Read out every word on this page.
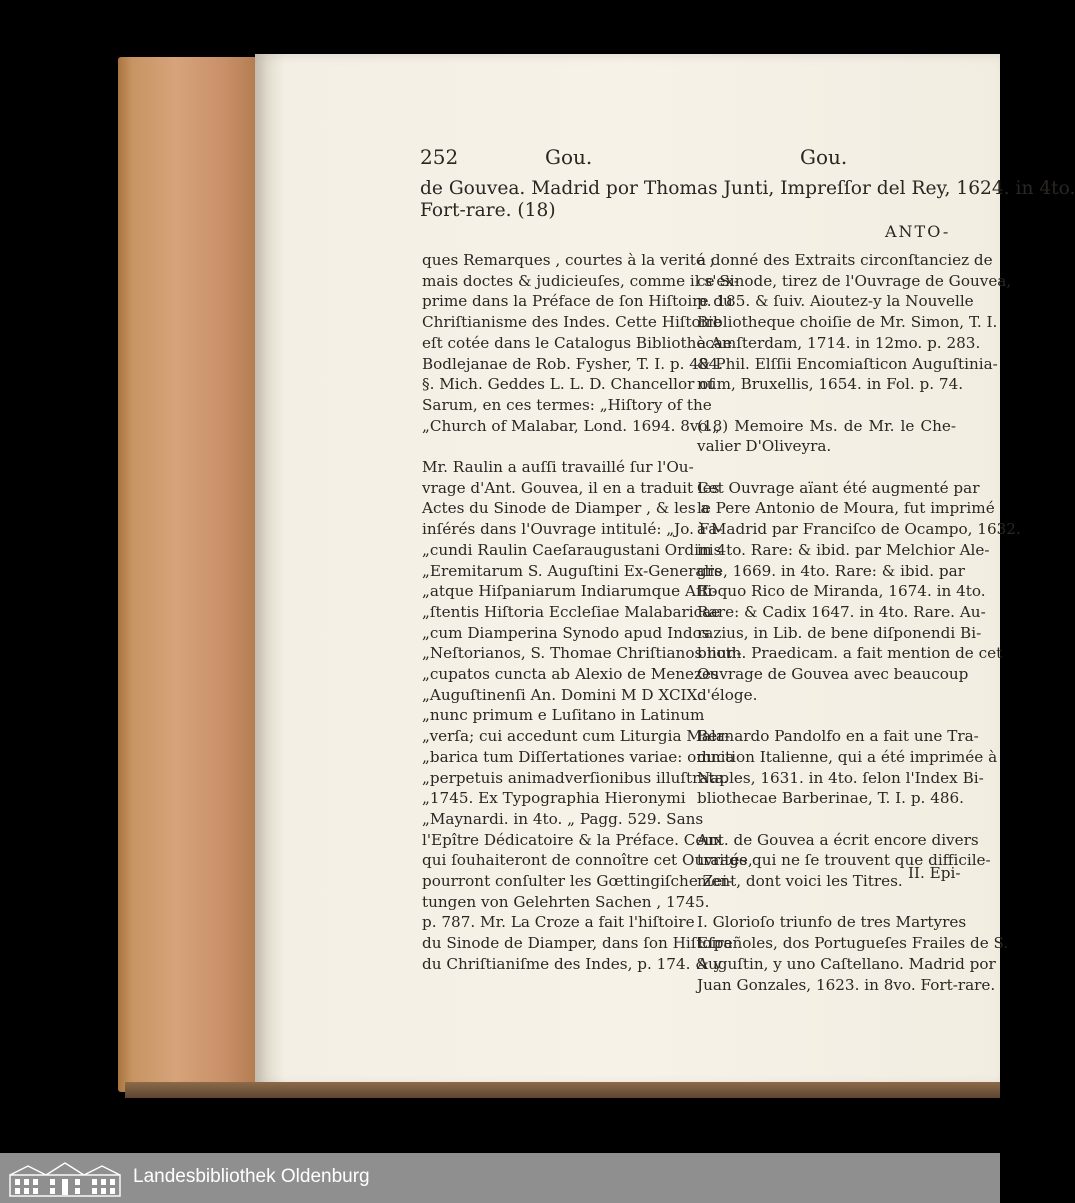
252	Gou.	Gou.
de Gouvea. Madrid por Thomas Junti, Impreſſor del Rey, 1624. in 4to.
Fort-rare. (18)
ANTO-
ques Remarques , courtes à la verité ;
mais doctes & judicieuſes, comme il s'ex-
prime dans la Préface de ſon Hiſtoire du
Chriſtianisme des Indes. Cette Hiſtoire
eſt cotée dans le Catalogus Bibliothecae
Bodlejanae de Rob. Fysher, T. I. p. 484.
§. Mich. Geddes L. L. D. Chancellor of
Sarum, en ces termes: „Hiſtory of the
„Church of Malabar, Lond. 1694. 8vo.„
Mr. Raulin a auſſi travaillé ſur l'Ou-
vrage d'Ant. Gouvea, il en a traduit les
Actes du Sinode de Diamper , & les a
inſérés dans l'Ouvrage intitulé: „Jo. Fa-
„cundi Raulin Caeſaraugustani Ordinis
„Eremitarum S. Auguſtini Ex-Generalis
„atque Hiſpaniarum Indiarumque Aſſi-
„ſtentis Hiſtoria Eccleſiae Malabaricae
„cum Diamperina Synodo apud Indos
„Neſtorianos, S. Thomae Chriſtianos nun-
„cupatos cuncta ab Alexio de Menezes
„Auguſtinenſi An. Domini M D XCIX.
„nunc primum e Luſitano in Latinum
„verſa; cui accedunt cum Liturgia Mala-
„barica tum Diſſertationes variae: omnia
„perpetuis animadverſionibus illuſtrata.
„1745. Ex Typographia Hieronymi
„Maynardi. in 4to. „ Pagg. 529. Sans
l'Epître Dédicatoire & la Préface. Ceux
qui ſouhaiteront de connoître cet Ouvrage,
pourront conſulter les Gœttingiſche Zei-
tungen von Gelehrten Sachen , 1745.
p. 787. Mr. La Croze a fait l'hiſtoire
du Sinode de Diamper, dans ſon Hiſtoire
du Chriſtianiſme des Indes, p. 174. & y
a donné des Extraits circonſtanciez de
ce Sinode, tirez de l'Ouvrage de Gouvea,
p. 185. & ſuiv. Aioutez-y la Nouvelle
Bibliotheque choiſie de Mr. Simon, T. I.
à Amſterdam, 1714. in 12mo. p. 283.
& Phil. Elſſii Encomiaſticon Auguſtinia-
num, Bruxellis, 1654. in Fol. p. 74.
(18) Memoire Ms. de Mr. le Che-
valier D'Oliveyra.
Cet Ouvrage aïant été augmenté par
le Pere Antonio de Moura, fut imprimé
à Madrid par Franciſco de Ocampo, 1632.
in 4to. Rare: & ibid. par Melchior Ale-
gre, 1669. in 4to. Rare: & ibid. par
Roquo Rico de Miranda, 1674. in 4to.
Rare: & Cadix 1647. in 4to. Rare. Au-
razius, in Lib. de bene diſponendi Bi-
blioth. Praedicam. a fait mention de cet
Ouvrage de Gouvea avec beaucoup
d'éloge.
Bernardo Pandolfo en a fait une Tra-
duction Italienne, qui a été imprimée à
Naples, 1631. in 4to. ſelon l'Index Bi-
bliothecae Barberinae, T. I. p. 486.
Ant. de Gouvea a écrit encore divers
traités qui ne ſe trouvent que difficile-
ment, dont voici les Titres.
I. Glorioſo triunfo de tres Martyres
Eſpañoles, dos Portugueſes Frailes de S.
Auguſtin, y uno Caſtellano. Madrid por
Juan Gonzales, 1623. in 8vo. Fort-rare.
II. Epi-
Landesbibliothek Oldenburg
